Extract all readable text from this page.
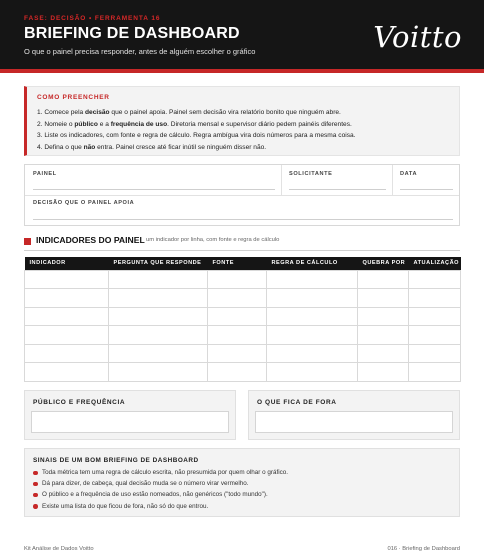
FASE: DECISÃO • FERRAMENTA 16
BRIEFING DE DASHBOARD
O que o painel precisa responder, antes de alguém escolher o gráfico	Voitto
COMO PREENCHER
1. Comece pela decisão que o painel apoia. Painel sem decisão vira relatório bonito que ninguém abre.
2. Nomeie o público e a frequência de uso. Diretoria mensal e supervisor diário pedem painéis diferentes.
3. Liste os indicadores, com fonte e regra de cálculo. Regra ambígua vira dois números para a mesma coisa.
4. Defina o que não entra. Painel cresce até ficar inútil se ninguém disser não.
PAINEL	SOLICITANTE	DATA
DECISÃO QUE O PAINEL APOIA
INDICADORES DO PAINEL um indicador por linha, com fonte e regra de cálculo
INDICADOR	PERGUNTA QUE RESPONDE	FONTE	REGRA DE CÁLCULO	QUEBRA POR	ATUALIZAÇÃO

PÚBLICO E FREQUÊNCIA	O QUE FICA DE FORA
SINAIS DE UM BOM BRIEFING DE DASHBOARD
Toda métrica tem uma regra de cálculo escrita, não presumida por quem olhar o gráfico.
Dá para dizer, de cabeça, qual decisão muda se o número virar vermelho.
O público e a frequência de uso estão nomeados, não genéricos ("todo mundo").
Existe uma lista do que ficou de fora, não só do que entrou.
Kit Análise de Dados Voitto	016 · Briefing de Dashboard
